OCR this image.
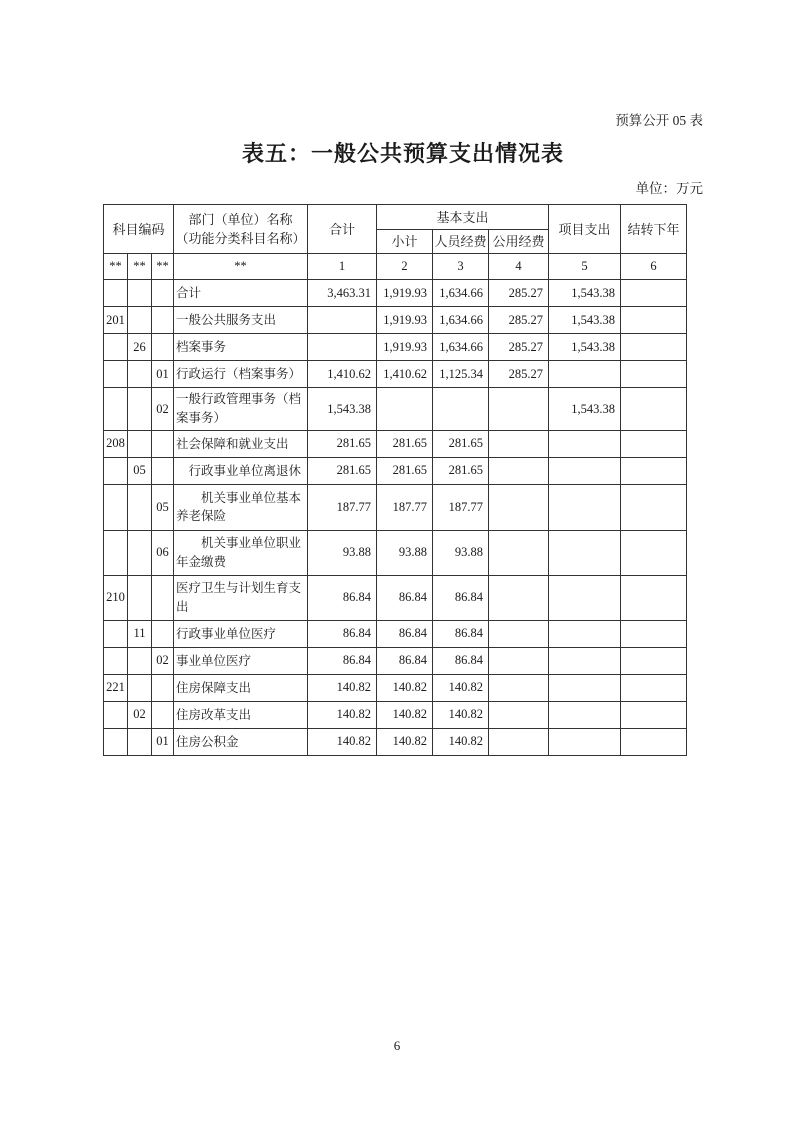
预算公开 05 表
表五：一般公共预算支出情况表
单位：万元
科目编码			部门（单位）名称
（功能分类科目名称）	合计	基本支出			项目支出	结转下年
					小计	人员经费	公用经费		
**	**	**	**	1	2	3	4	5	6
			合计	3,463.31	1,919.93	1,634.66	285.27	1,543.38	
201			一般公共服务支出		1,919.93	1,634.66	285.27	1,543.38	
	26		档案事务		1,919.93	1,634.66	285.27	1,543.38	
		01	行政运行（档案事务）	1,410.62	1,410.62	1,125.34	285.27		
		02	一般行政管理事务（档案事务）	1,543.38				1,543.38	
208			社会保障和就业支出	281.65	281.65	281.65			
	05		　行政事业单位离退休	281.65	281.65	281.65			
		05	　　机关事业单位基本养老保险	187.77	187.77	187.77			
		06	　　机关事业单位职业年金缴费	93.88	93.88	93.88			
210			医疗卫生与计划生育支出	86.84	86.84	86.84			
	11		行政事业单位医疗	86.84	86.84	86.84			
		02	事业单位医疗	86.84	86.84	86.84			
221			住房保障支出	140.82	140.82	140.82			
	02		住房改革支出	140.82	140.82	140.82			
		01	住房公积金	140.82	140.82	140.82			
6
